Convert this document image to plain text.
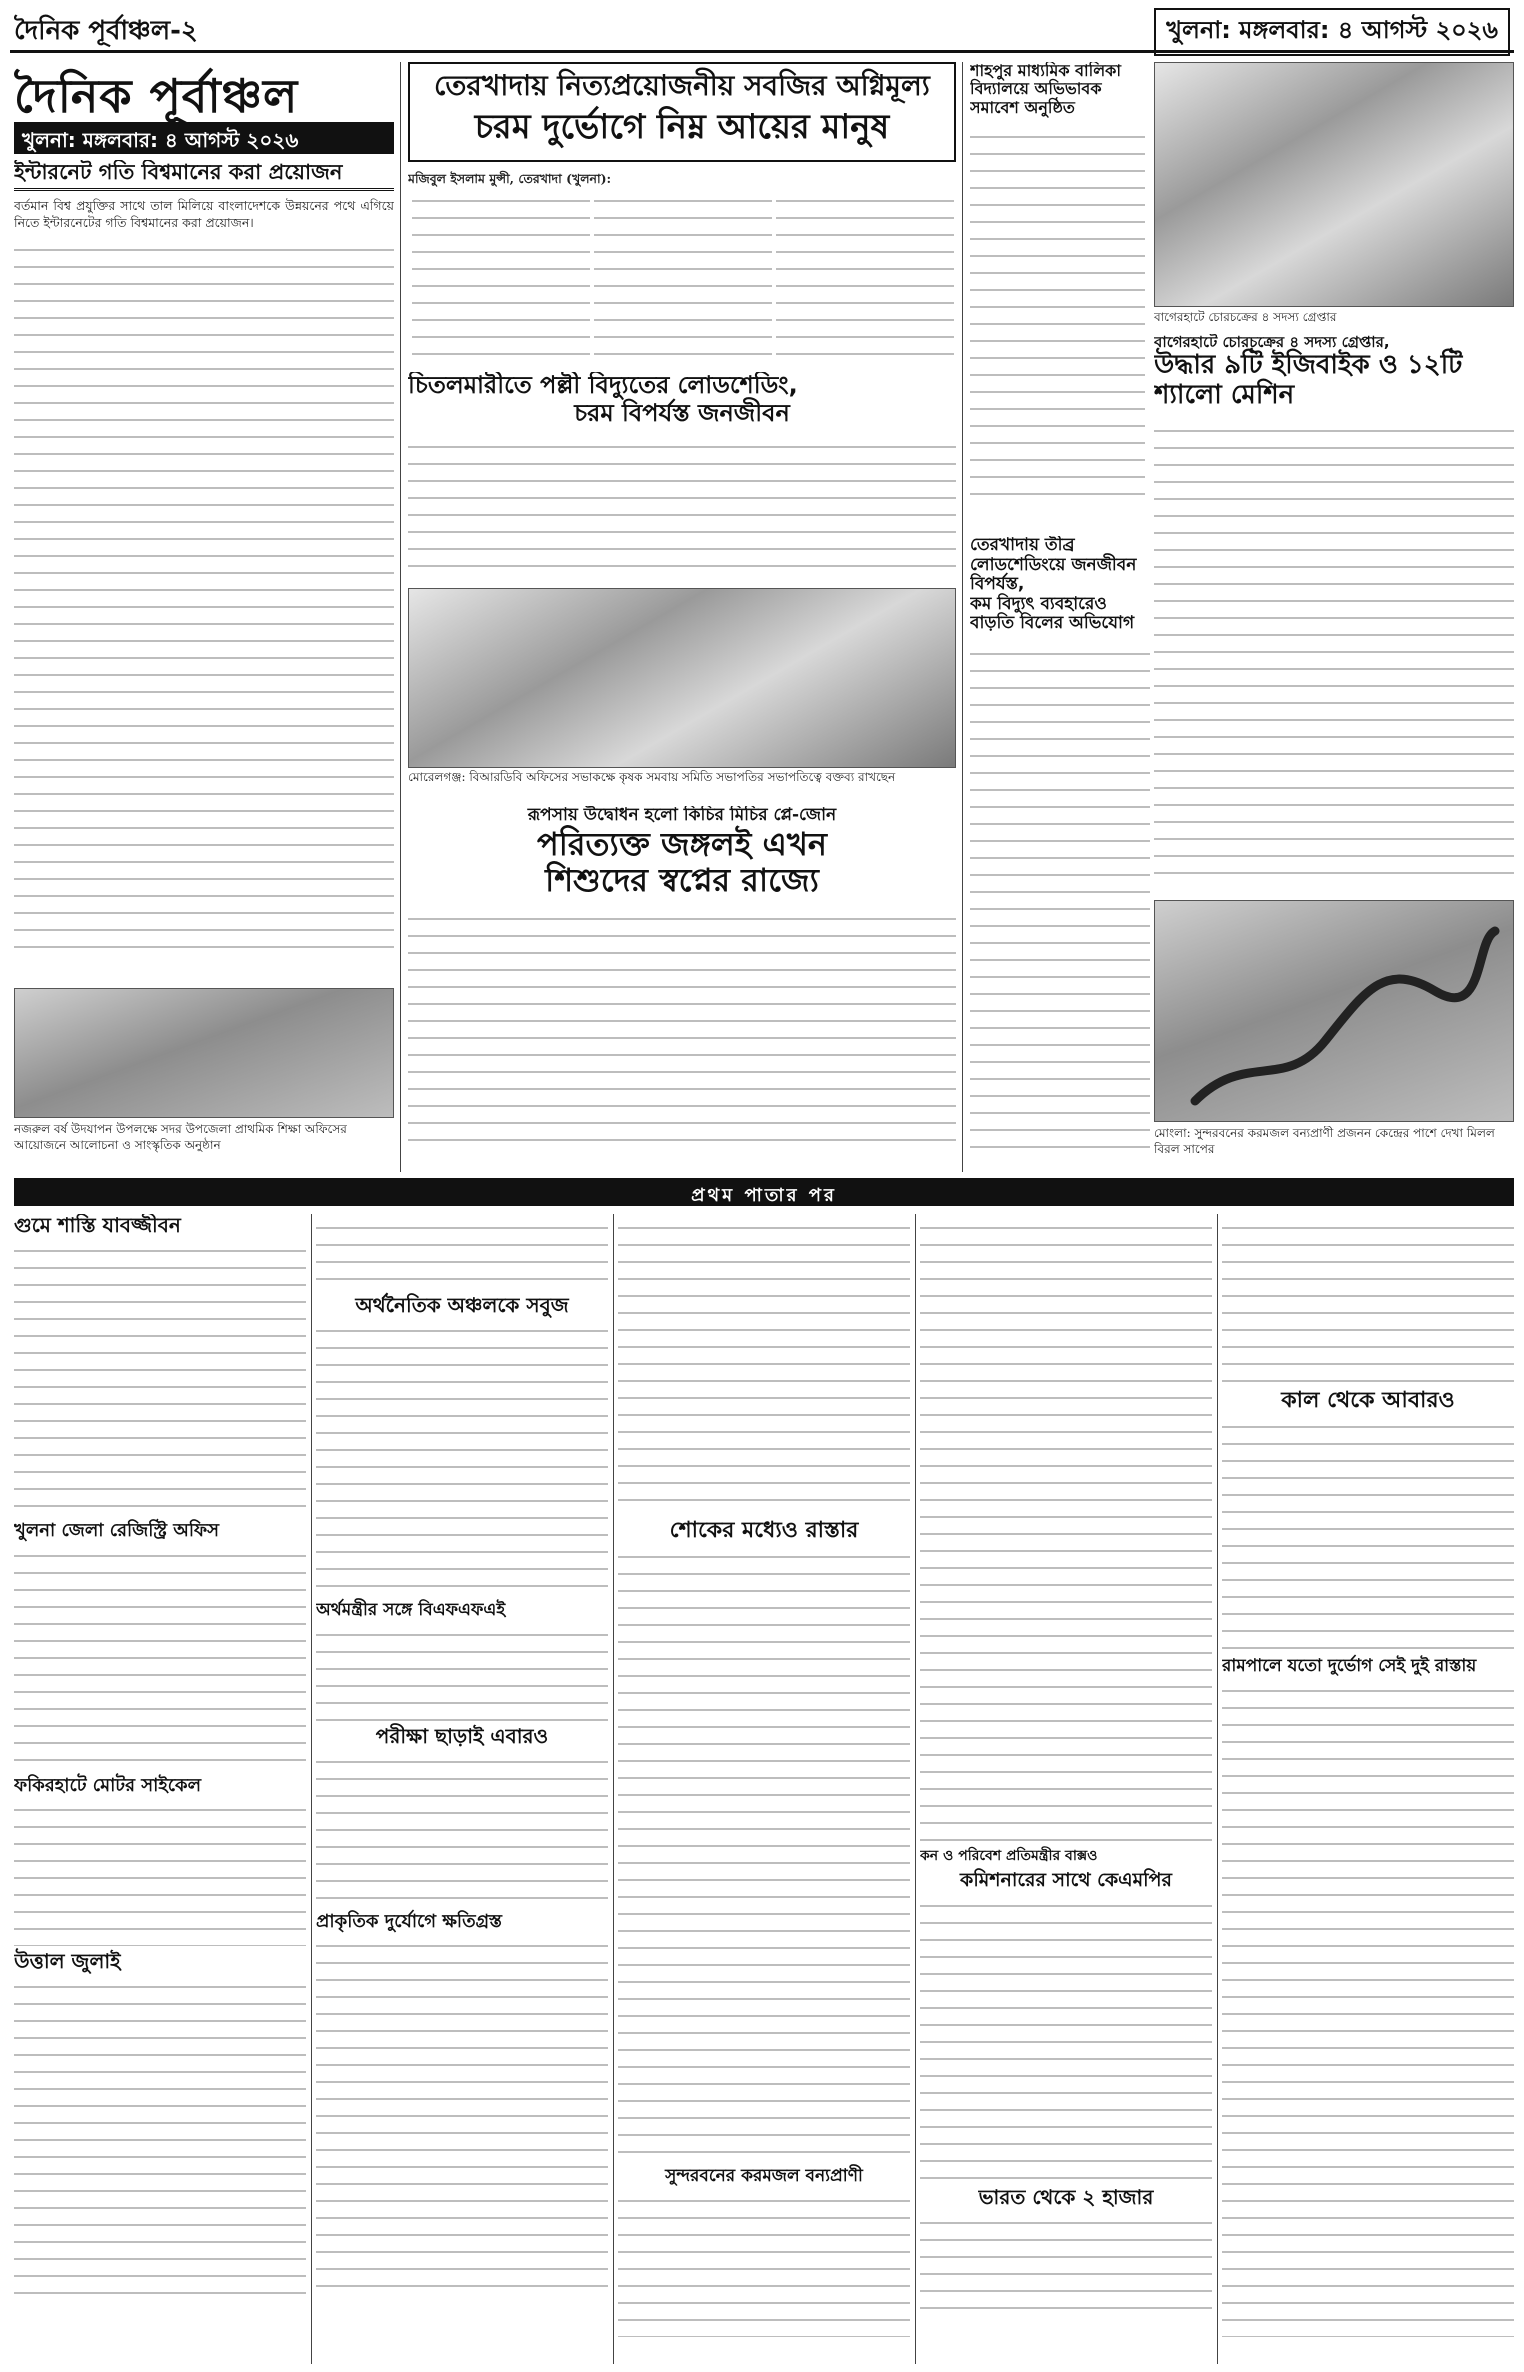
দৈনিক পূর্বাঞ্চল-২	খুলনা: মঙ্গলবার: ৪ আগস্ট ২০২৬
দৈনিক পূর্বাঞ্চল
খুলনা: মঙ্গলবার: ৪ আগস্ট ২০২৬
তেরখাদায় নিত্যপ্রয়োজনীয় সবজির অগ্নিমূল্য
চরম দুর্ভোগে নিম্ন আয়ের মানুষ
ইন্টারনেট গতি বিশ্বমানের করা প্রয়োজন
বর্তমান বিশ্ব প্রযুক্তির সাথে তাল মিলিয়ে বাংলাদেশকে উন্নয়নের পথে এগিয়ে নিতে ইন্টারনেটের গতি বিশ্বমানের করা প্রয়োজন।
নজরুল বর্ষ উদযাপন উপলক্ষে সদর উপজেলা প্রাথমিক শিক্ষা অফিসের আয়োজনে আলোচনা ও সাংস্কৃতিক অনুষ্ঠান
মজিবুল ইসলাম মুন্সী, তেরখাদা (খুলনা):
চিতলমারীতে পল্লী বিদ্যুতের লোডশেডিং,
চরম বিপর্যস্ত জনজীবন
মোরেলগঞ্জ: বিআরডিবি অফিসের সভাকক্ষে কৃষক সমবায় সমিতি সভাপতির সভাপতিত্বে বক্তব্য রাখছেন
রূপসায় উদ্বোধন হলো কিচির মিচির প্লে-জোন
পরিত্যক্ত জঙ্গলই এখন
শিশুদের স্বপ্নের রাজ্যে
শাহপুর মাধ্যমিক বালিকা বিদ্যালয়ে অভিভাবক সমাবেশ অনুষ্ঠিত
তেরখাদায় তীব্র লোডশেডিংয়ে জনজীবন বিপর্যস্ত,
কম বিদ্যুৎ ব্যবহারেও বাড়তি বিলের অভিযোগ
বাগেরহাটে চোরচক্রের ৪ সদস্য গ্রেপ্তার
বাগেরহাটে চোরচক্রের ৪ সদস্য গ্রেপ্তার,
উদ্ধার ৯টি ইজিবাইক ও ১২টি শ্যালো মেশিন
মোংলা: সুন্দরবনের করমজল বন্যপ্রাণী প্রজনন কেন্দ্রের পাশে দেখা মিলল বিরল সাপের
প্রথম পাতার পর
গুমে শাস্তি যাবজ্জীবন
খুলনা জেলা রেজিস্ট্রি অফিস
ফকিরহাটে মোটর সাইকেল
উত্তাল জুলাই
অর্থনৈতিক অঞ্চলকে সবুজ
অর্থমন্ত্রীর সঙ্গে বিএফএফএই
পরীক্ষা ছাড়াই এবারও
প্রাকৃতিক দুর্যোগে ক্ষতিগ্রস্ত
শোকের মধ্যেও রাস্তার
সুন্দরবনের করমজল বন্যপ্রাণী
কন ও পরিবেশ প্রতিমন্ত্রীর বাক্সও
কমিশনারের সাথে কেএমপির
ভারত থেকে ২ হাজার
কাল থেকে আবারও
রামপালে যতো দুর্ভোগ সেই দুই রাস্তায়
